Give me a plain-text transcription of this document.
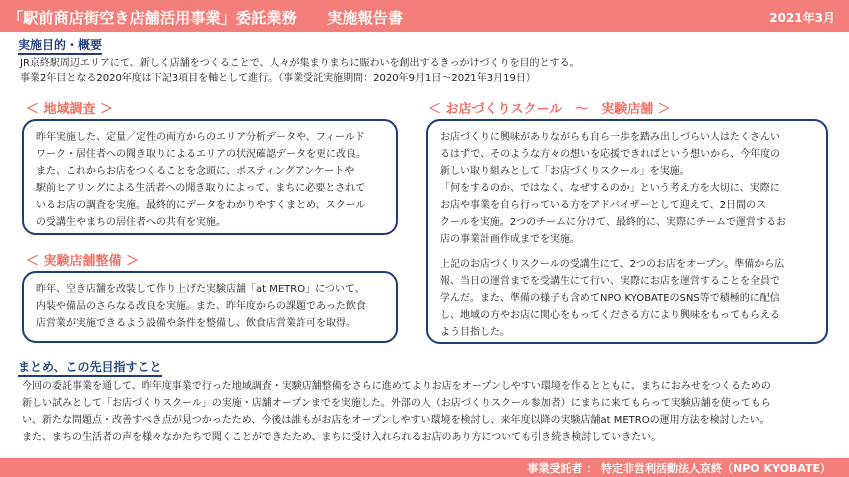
「駅前商店街空き店舗活用事業」委託業務　　実施報告書	2021年3月
実施目的・概要
JR京終駅周辺エリアにて、新しく店舗をつくることで、人々が集まりまちに賑わいを創出するきっかけづくりを目的とする。
事業2年目となる2020年度は下記3項目を軸として進行。（事業受託実施期間：2020年9月1日〜2021年3月19日）
＜ 地域調査 ＞

昨年実施した、定量／定性の両方からのエリア分析データや、フィールド

ワーク・居住者への聞き取りによるエリアの状況確認データを更に改良。

また、これからお店をつくることを念頭に、ポスティングアンケートや

駅前ヒアリングによる生活者への聞き取りによって、まちに必要とされて

いるお店の調査を実施。最終的にデータをわかりやすくまとめ、スクール

の受講生やまちの居住者への共有を実施。

＜ 実験店舗整備 ＞

昨年、空き店舗を改装して作り上げた実験店舗「at METRO」について、

内装や備品のさらなる改良を実施。また、昨年度からの課題であった飲食

店営業が実施できるよう設備や条件を整備し、飲食店営業許可を取得。

＜ お店づくりスクール　〜　実験店舗 ＞

お店づくりに興味がありながらも自ら一歩を踏み出しづらい人はたくさんい

るはずで、そのような方々の想いを応援できればという想いから、今年度の

新しい取り組みとして「お店づくりスクール」を実施。

「何をするのか、ではなく、なぜするのか」という考え方を大切に、実際に

お店や事業を自ら行っている方をアドバイザーとして迎えて、2日間のス

クールを実施。2つのチームに分けて、最終的に、実際にチームで運営するお

店の事業計画作成までを実施。

上記のお店づくりスクールの受講生にて、2つのお店をオープン。準備から広

報、当日の運営までを受講生にて行い、実際にお店を運営することを全員で

学んだ。また、準備の様子も含めてNPO KYOBATEのSNS等で積極的に配信

し、地域の方やお店に関心をもってくださる方により興味をもってもらえる

よう目指した。

まとめ、この先目指すこと
今回の委託事業を通して、昨年度事業で行った地域調査・実験店舗整備をさらに進めてよりお店をオープンしやすい環境を作るとともに、まちにおみせをつくるための
新しい試みとして「お店づくりスクール」の実施・店舗オープンまでを実施した。外部の人（お店づくりスクール参加者）にまちに来てもらって実験店舗を使ってもら
い、新たな問題点・改善すべき点が見つかったため、今後は誰もがお店をオープンしやすい環境を検討し、来年度以降の実験店舗at METROの運用方法を検討したい。
また、まちの生活者の声を様々なかたちで聞くことができたため、まちに受け入れられるお店のあり方についても引き続き検討していきたい。
事業受託者 ： 特定非営利活動法人京終（NPO KYOBATE）
